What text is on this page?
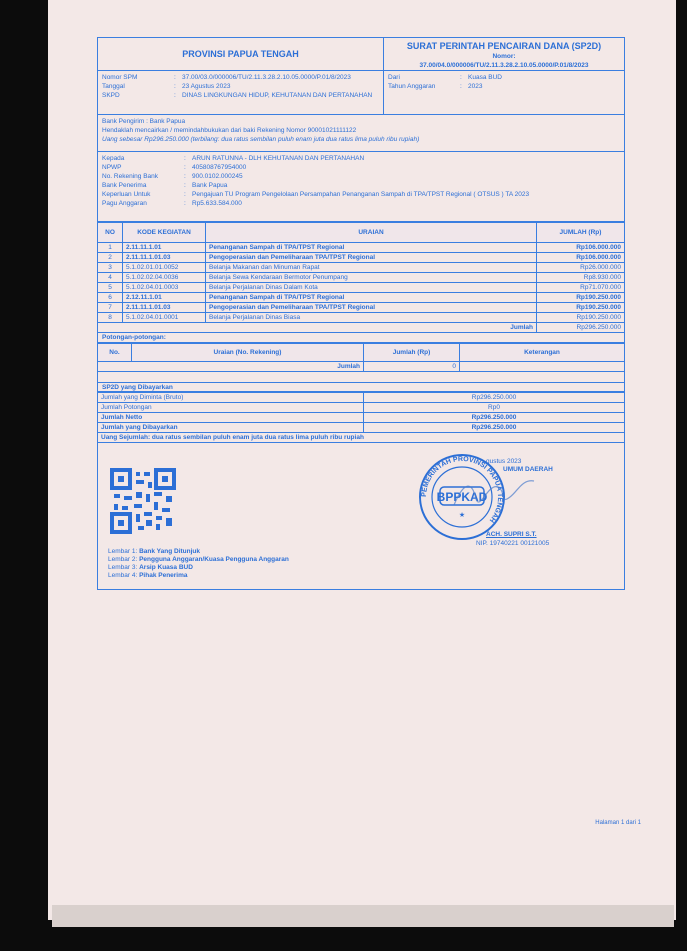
PROVINSI PAPUA TENGAH
SURAT PERINTAH PENCAIRAN DANA (SP2D)
Nomor:
37.00/04.0/000006/TU/2.11.3.28.2.10.05.0000/P.01/8/2023
Nomor SPM	: 37.00/03.0/000006/TU/2.11.3.28.2.10.05.0000/P.01/8/2023
Tanggal	: 23 Agustus 2023
SKPD	: DINAS LINGKUNGAN HIDUP, KEHUTANAN DAN PERTANAHAN
Dari	: Kuasa BUD
Tahun Anggaran	: 2023
Bank Pengirim : Bank Papua
Hendaklah mencairkan / memindahbukukan dari baki Rekening Nomor 90001021111122
Uang sebesar Rp296.250.000 (terbilang: dua ratus sembilan puluh enam juta dua ratus lima puluh ribu rupiah)
Kepada	: ARUN RATUNNA - DLH KEHUTANAN DAN PERTANAHAN
NPWP	: 405808767954000
No. Rekening Bank	: 900.0102.000245
Bank Penerima	: Bank Papua
Keperluan Untuk	: Pengajuan TU Program Pengelolaan Persampahan Penanganan Sampah di TPA/TPST Regional ( OTSUS ) TA 2023
Pagu Anggaran	: Rp5.633.584.000
NO	KODE KEGIATAN	URAIAN	JUMLAH (Rp)
1	2.11.11.1.01	Penanganan Sampah di TPA/TPST Regional	Rp106.000.000
2	2.11.11.1.01.03	Pengoperasian dan Pemeliharaan TPA/TPST Regional	Rp106.000.000
3	5.1.02.01.01.0052	Belanja Makanan dan Minuman Rapat	Rp26.000.000
4	5.1.02.02.04.0036	Belanja Sewa Kendaraan Bermotor Penumpang	Rp8.930.000
5	5.1.02.04.01.0003	Belanja Perjalanan Dinas Dalam Kota	Rp71.070.000
6	2.12.11.1.01	Penanganan Sampah di TPA/TPST Regional	Rp190.250.000
7	2.11.11.1.01.03	Pengoperasian dan Pemeliharaan TPA/TPST Regional	Rp190.250.000
8	5.1.02.04.01.0001	Belanja Perjalanan Dinas Biasa	Rp190.250.000
Jumlah			Rp296.250.000
Potongan-potongan:
No.	Uraian (No. Rekening)	Jumlah (Rp)	Keterangan
Jumlah		0	
SP2D yang Dibayarkan
Jumlah yang Diminta (Bruto)	Rp296.250.000
Jumlah Potongan	Rp0
Jumlah Netto	Rp296.250.000
Jumlah yang Dibayarkan	Rp296.250.000
Uang Sejumlah: dua ratus sembilan puluh enam juta dua ratus lima puluh ribu rupiah	
gustus 2023
UMUM DAERAH
PEMERINTAH PROVINSI PAPUA TENGAH
BPPKAD
★
ACH. SUPRI S.T.
NIP. 19740221 00121005
Lembar 1: Bank Yang Ditunjuk
Lembar 2: Pengguna Anggaran/Kuasa Pengguna Anggaran
Lembar 3: Arsip Kuasa BUD
Lembar 4: Pihak Penerima
Halaman 1 dari 1
